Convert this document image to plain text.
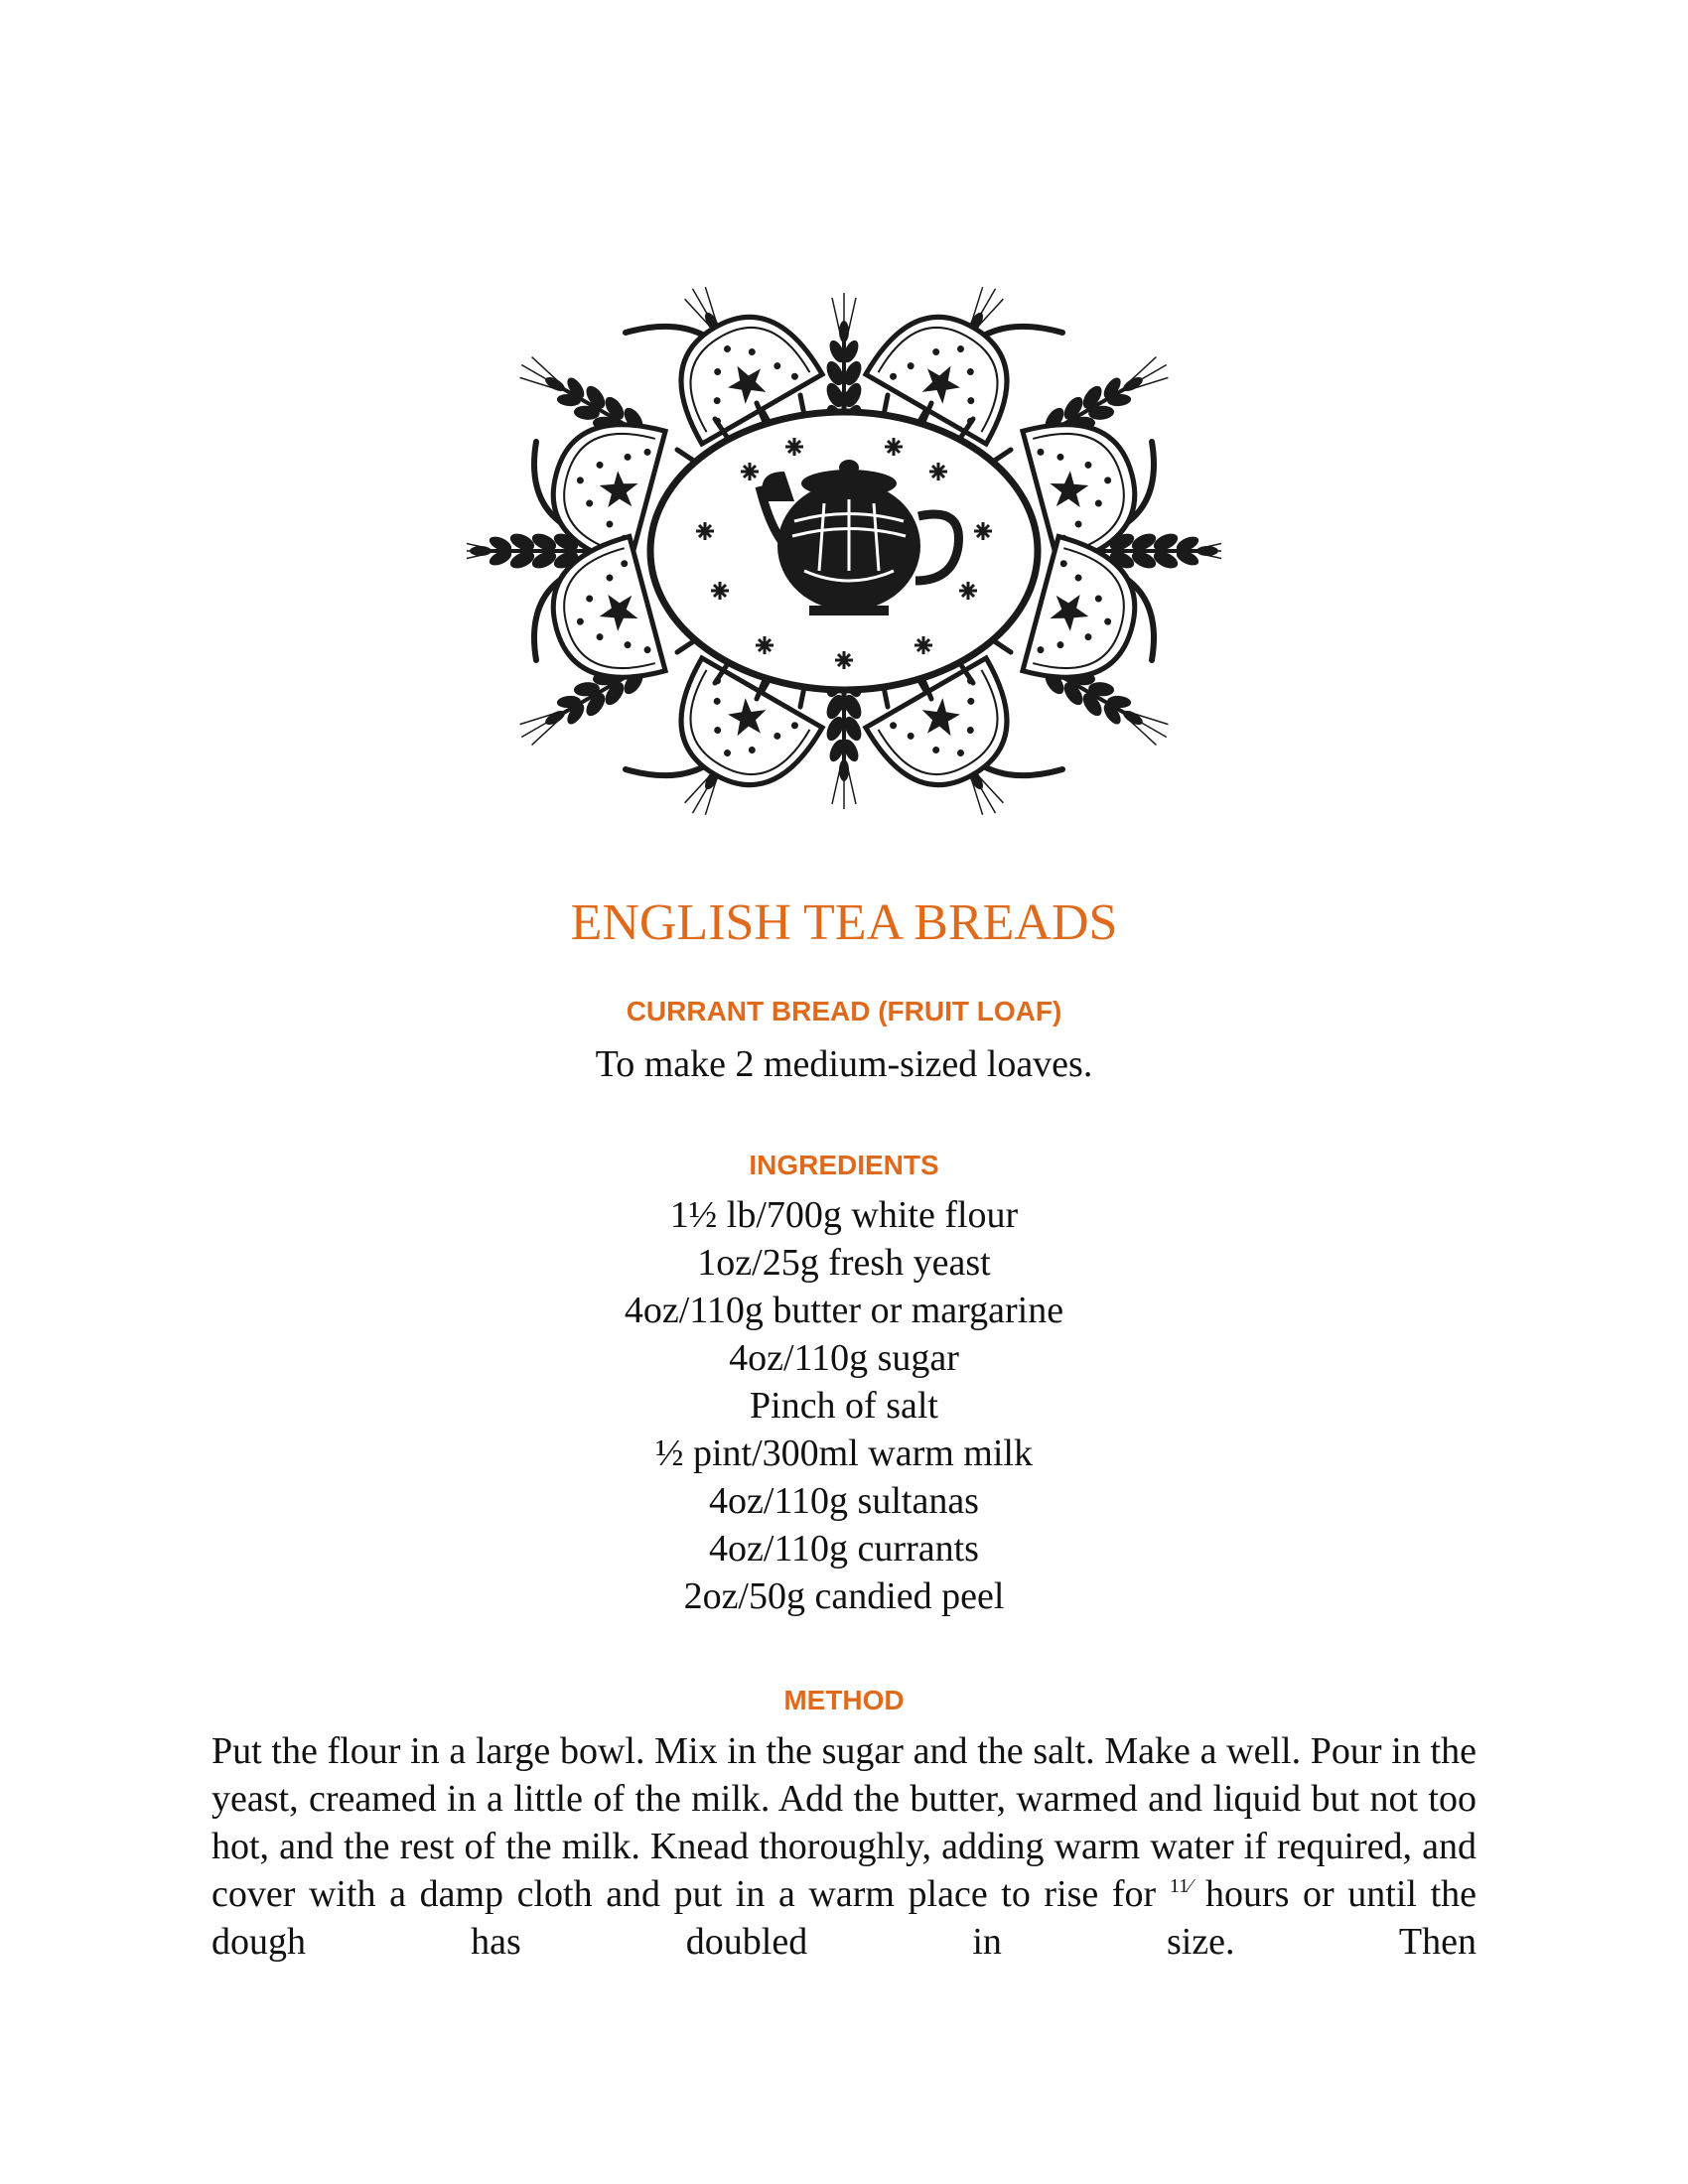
ENGLISH TEA BREADS
CURRANT BREAD (FRUIT LOAF)
To make 2 medium-sized loaves.
INGREDIENTS
1½ lb/700g white flour
1oz/25g fresh yeast
4oz/110g butter or margarine
4oz/110g sugar
Pinch of salt
½ pint/300ml warm milk
4oz/110g sultanas
4oz/110g currants
2oz/50g candied peel
METHOD

Put the flour in a large bowl. Mix in the sugar and the salt. Make a well. Pour in the yeast, creamed in a little of the milk. Add the butter, warmed and liquid but not too hot, and the rest of the milk. Knead thoroughly, adding warm water if required, and cover with a damp cloth and put in a warm place to rise for $^{11⁄}$ hours or until the dough has doubled in size. Then
